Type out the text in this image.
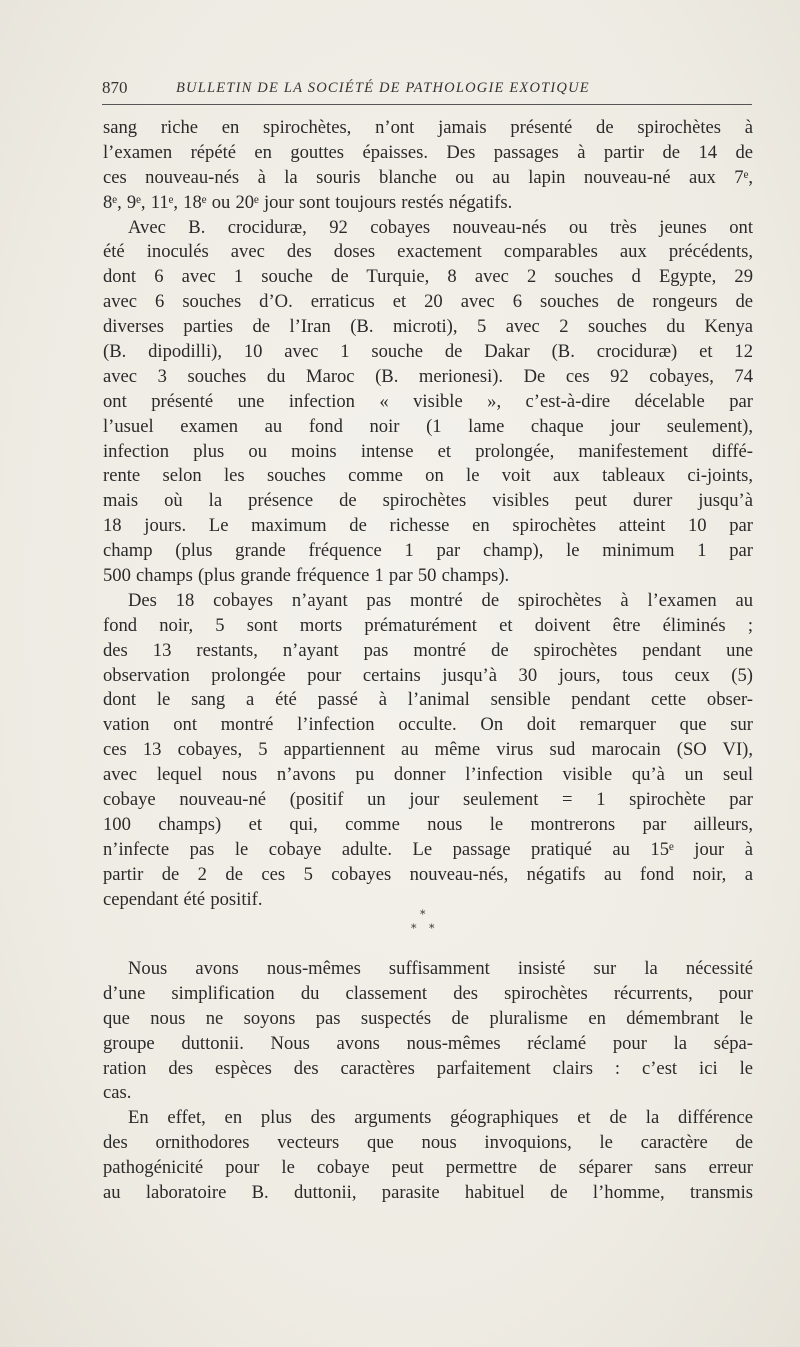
870	BULLETIN DE LA SOCIÉTÉ DE PATHOLOGIE EXOTIQUE
sang riche en spirochètes, n’ont jamais présenté de spirochètes à
l’examen répété en gouttes épaisses. Des passages à partir de 14 de
ces nouveau-nés à la souris blanche ou au lapin nouveau-né aux 7ᵉ,
8ᵉ, 9ᵉ, 11ᵉ, 18ᵉ ou 20ᵉ jour sont toujours restés négatifs.
Avec B. crociduræ, 92 cobayes nouveau-nés ou très jeunes ont
été inoculés avec des doses exactement comparables aux précédents,
dont 6 avec 1 souche de Turquie, 8 avec 2 souches d Egypte, 29
avec 6 souches d’O. erraticus et 20 avec 6 souches de rongeurs de
diverses parties de l’Iran (B. microti), 5 avec 2 souches du Kenya
(B. dipodilli), 10 avec 1 souche de Dakar (B. crociduræ) et 12
avec 3 souches du Maroc (B. merionesi). De ces 92 cobayes, 74
ont présenté une infection « visible », c’est-à-dire décelable par
l’usuel examen au fond noir (1 lame chaque jour seulement),
infection plus ou moins intense et prolongée, manifestement diffé-
rente selon les souches comme on le voit aux tableaux ci-joints,
mais où la présence de spirochètes visibles peut durer jusqu’à
18 jours. Le maximum de richesse en spirochètes atteint 10 par
champ (plus grande fréquence 1 par champ), le minimum 1 par
500 champs (plus grande fréquence 1 par 50 champs).
Des 18 cobayes n’ayant pas montré de spirochètes à l’examen au
fond noir, 5 sont morts prématurément et doivent être éliminés ;
des 13 restants, n’ayant pas montré de spirochètes pendant une
observation prolongée pour certains jusqu’à 30 jours, tous ceux (5)
dont le sang a été passé à l’animal sensible pendant cette obser-
vation ont montré l’infection occulte. On doit remarquer que sur
ces 13 cobayes, 5 appartiennent au même virus sud marocain (SO VI),
avec lequel nous n’avons pu donner l’infection visible qu’à un seul
cobaye nouveau-né (positif un jour seulement = 1 spirochète par
100 champs) et qui, comme nous le montrerons par ailleurs,
n’infecte pas le cobaye adulte. Le passage pratiqué au 15ᵉ jour à
partir de 2 de ces 5 cobayes nouveau-nés, négatifs au fond noir, a
cependant été positif.
*
* *
Nous avons nous-mêmes suffisamment insisté sur la nécessité
d’une simplification du classement des spirochètes récurrents, pour
que nous ne soyons pas suspectés de pluralisme en démembrant le
groupe duttonii. Nous avons nous-mêmes réclamé pour la sépa-
ration des espèces des caractères parfaitement clairs : c’est ici le
cas.
En effet, en plus des arguments géographiques et de la différence
des ornithodores vecteurs que nous invoquions, le caractère de
pathogénicité pour le cobaye peut permettre de séparer sans erreur
au laboratoire B. duttonii, parasite habituel de l’homme, transmis
